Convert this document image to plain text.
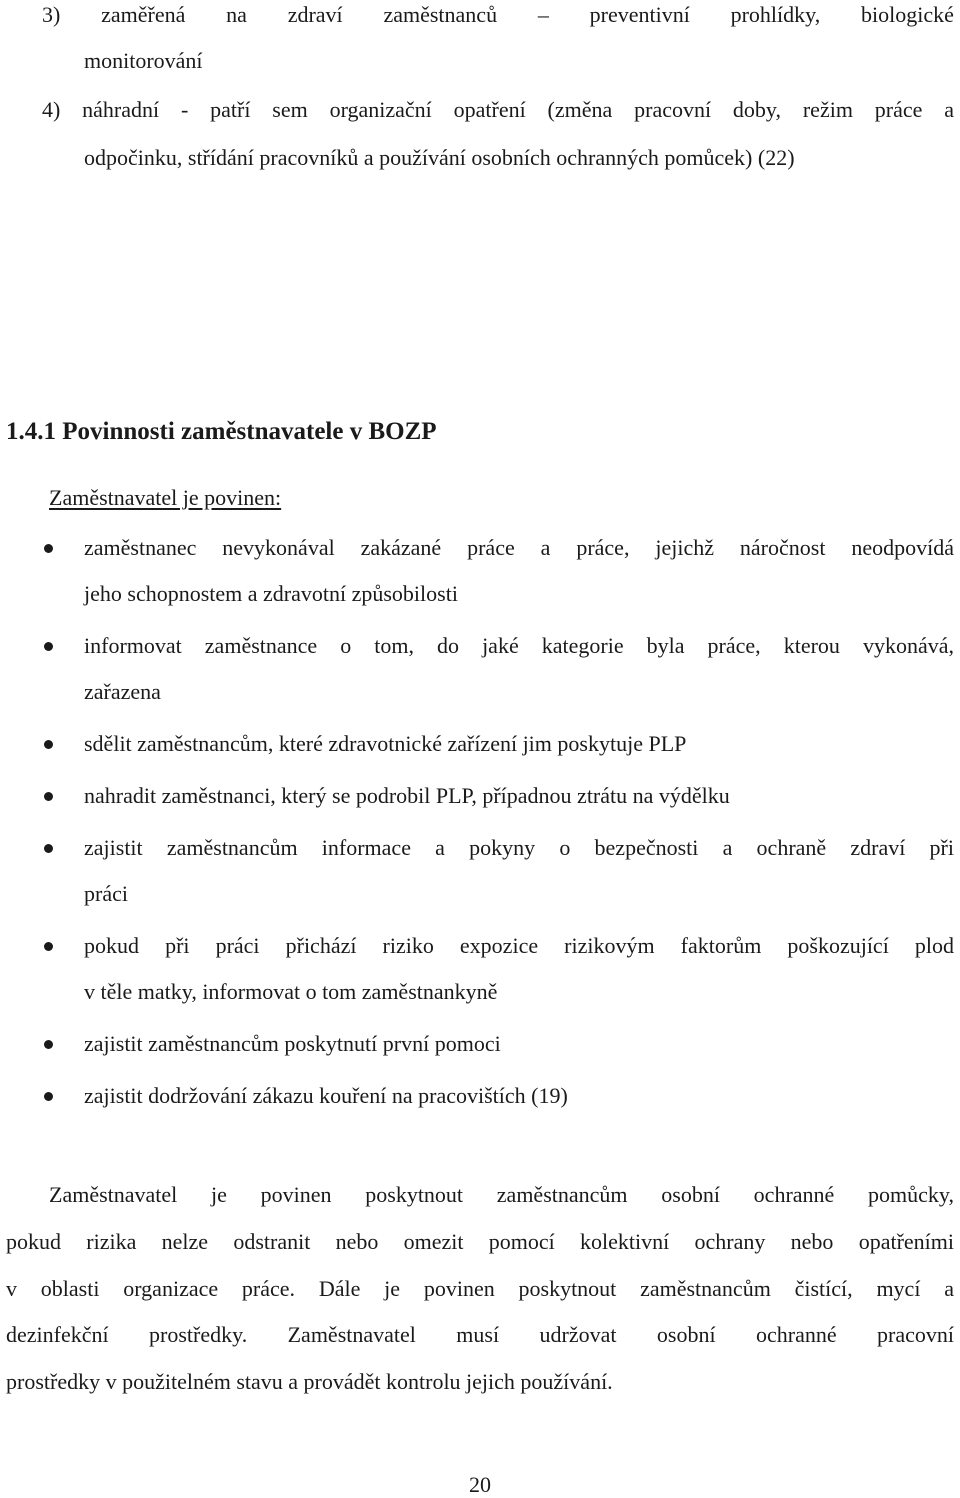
3) zaměřená na zdraví zaměstnanců – preventivní prohlídky, biologické
monitorování
4) náhradní - patří sem organizační opatření (změna pracovní doby, režim práce a
odpočinku, střídání pracovníků a používání osobních ochranných pomůcek) (22)
1.4.1 Povinnosti zaměstnavatele v BOZP
Zaměstnavatel je povinen:
zaměstnanec nevykonával zakázané práce a práce, jejichž náročnost neodpovídá
jeho schopnostem a zdravotní způsobilosti
informovat zaměstnance o tom, do jaké kategorie byla práce, kterou vykonává,
zařazena
sdělit zaměstnancům, které zdravotnické zařízení jim poskytuje PLP
nahradit zaměstnanci, který se podrobil PLP, případnou ztrátu na výdělku
zajistit zaměstnancům informace a pokyny o bezpečnosti a ochraně zdraví při
práci
pokud při práci přichází riziko expozice rizikovým faktorům poškozující plod
v těle matky, informovat o tom zaměstnankyně
zajistit zaměstnancům poskytnutí první pomoci
zajistit dodržování zákazu kouření na pracovištích (19)
Zaměstnavatel je povinen poskytnout zaměstnancům osobní ochranné pomůcky,
pokud rizika nelze odstranit nebo omezit pomocí kolektivní ochrany nebo opatřeními
v oblasti organizace práce. Dále je povinen poskytnout zaměstnancům čistící, mycí a
dezinfekční prostředky. Zaměstnavatel musí udržovat osobní ochranné pracovní
prostředky v použitelném stavu a provádět kontrolu jejich používání.
20
